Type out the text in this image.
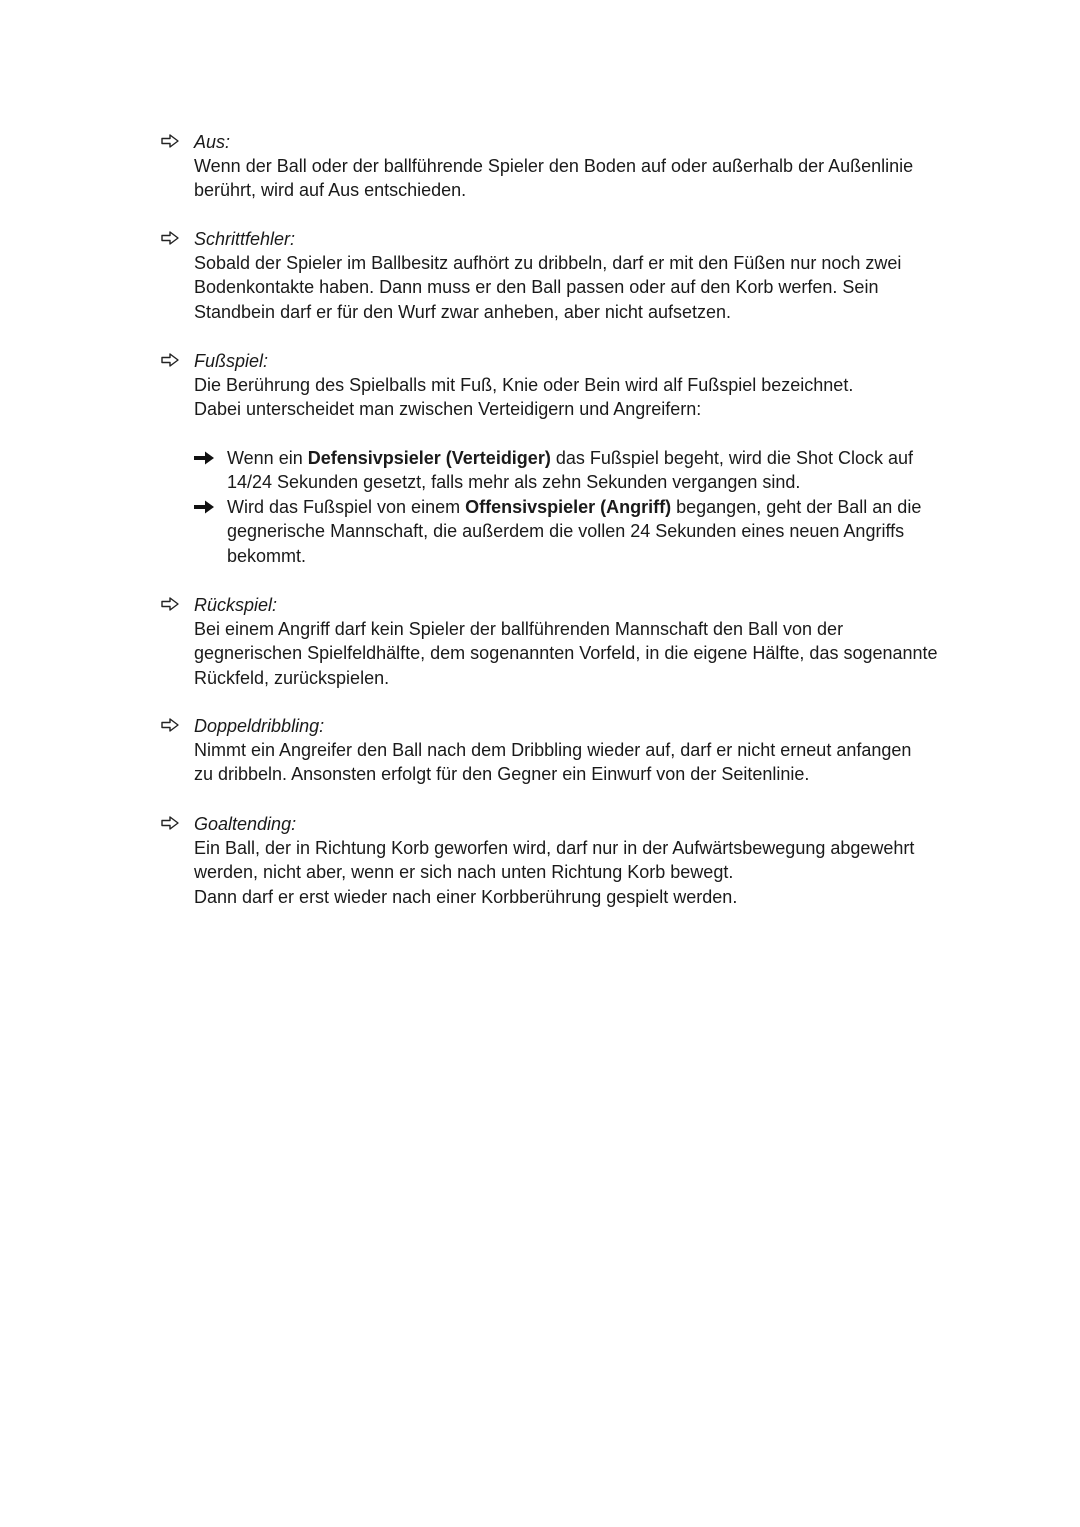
Aus:
Wenn der Ball oder der ballführende Spieler den Boden auf oder außerhalb der Außenlinie
berührt, wird auf Aus entschieden.
Schrittfehler:
Sobald der Spieler im Ballbesitz aufhört zu dribbeln, darf er mit den Füßen nur noch zwei
Bodenkontakte haben. Dann muss er den Ball passen oder auf den Korb werfen. Sein
Standbein darf er für den Wurf zwar anheben, aber nicht aufsetzen.
Fußspiel:
Die Berührung des Spielballs mit Fuß, Knie oder Bein wird alf Fußspiel bezeichnet.
Dabei unterscheidet man zwischen Verteidigern und Angreifern:
Wenn ein Defensivpsieler (Verteidiger) das Fußspiel begeht, wird die Shot Clock auf
14/24 Sekunden gesetzt, falls mehr als zehn Sekunden vergangen sind.
Wird das Fußspiel von einem Offensivspieler (Angriff) begangen, geht der Ball an die
gegnerische Mannschaft, die außerdem die vollen 24 Sekunden eines neuen Angriffs
bekommt.
Rückspiel:
Bei einem Angriff darf kein Spieler der ballführenden Mannschaft den Ball von der
gegnerischen Spielfeldhälfte, dem sogenannten Vorfeld, in die eigene Hälfte, das sogenannte
Rückfeld, zurückspielen.
Doppeldribbling:
Nimmt ein Angreifer den Ball nach dem Dribbling wieder auf, darf er nicht erneut anfangen
zu dribbeln. Ansonsten erfolgt für den Gegner ein Einwurf von der Seitenlinie.
Goaltending:
Ein Ball, der in Richtung Korb geworfen wird, darf nur in der Aufwärtsbewegung abgewehrt
werden, nicht aber, wenn er sich nach unten Richtung Korb bewegt.
Dann darf er erst wieder nach einer Korbberührung gespielt werden.
